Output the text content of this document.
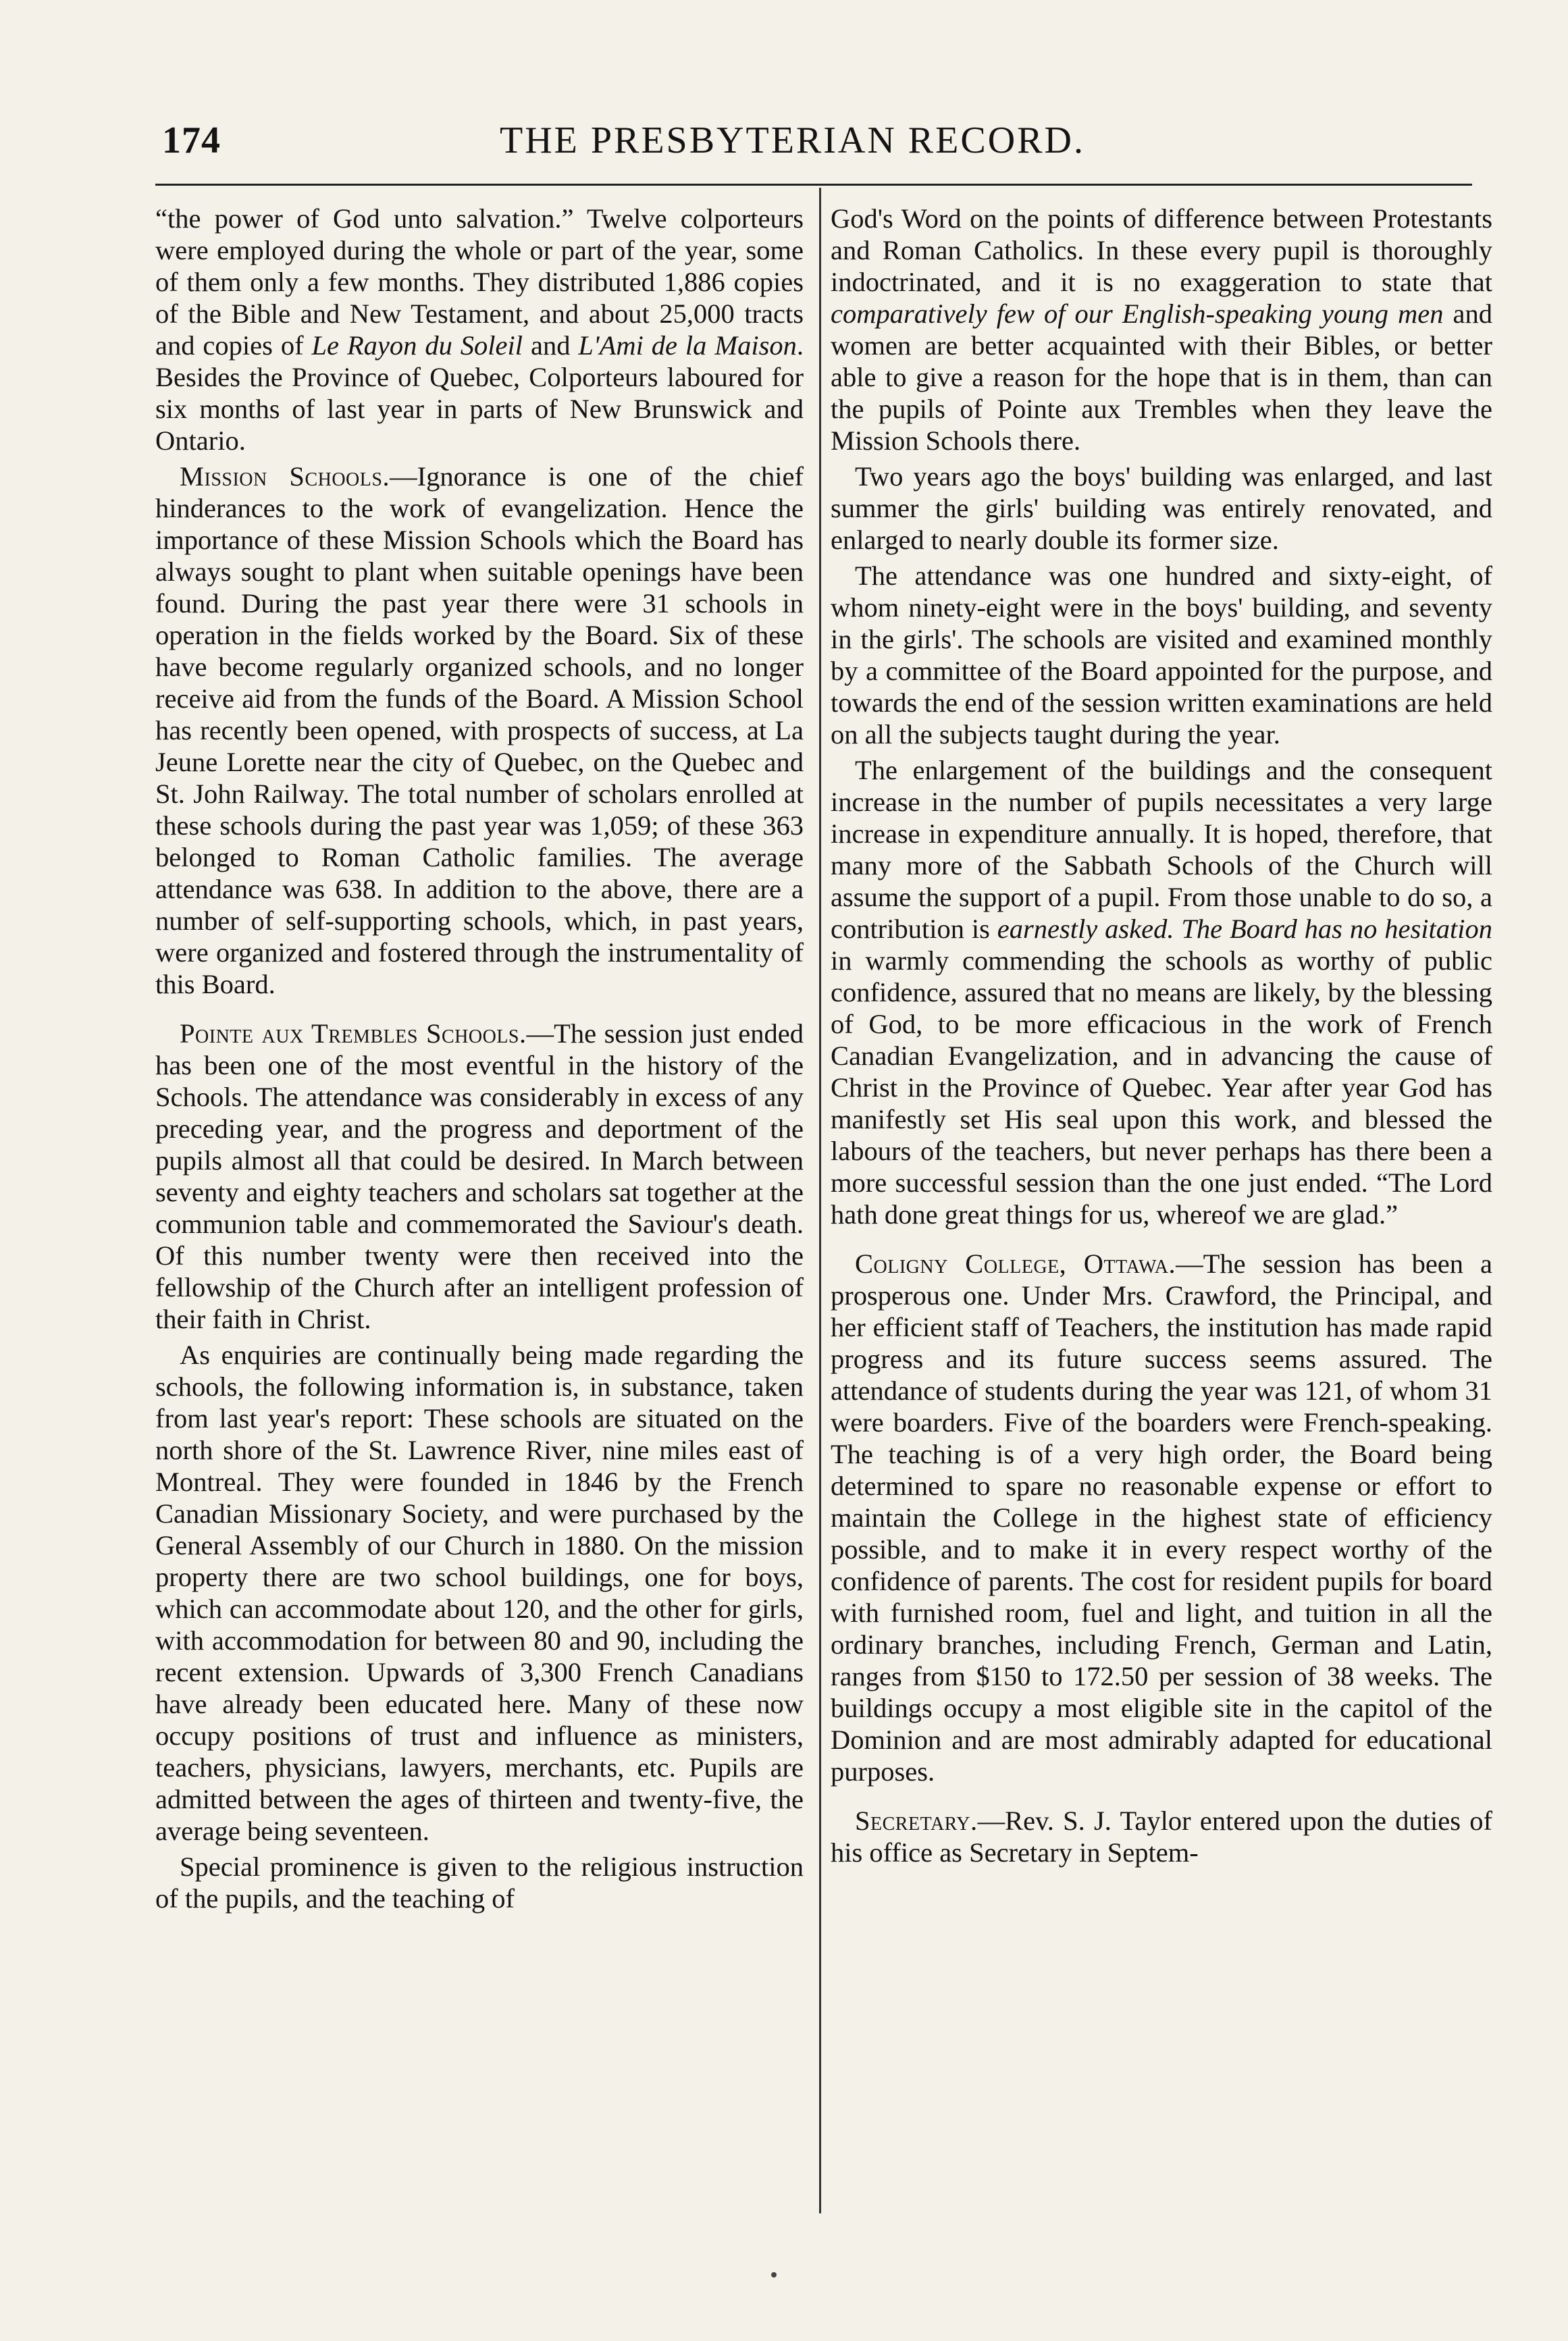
174	THE PRESBYTERIAN RECORD.

“the power of God unto salvation.” Twelve colporteurs were employed during the whole or part of the year, some of them only a few months. They distributed 1,886 copies of the Bible and New Testament, and about 25,000 tracts and copies of Le Rayon du Soleil and L'Ami de la Maison. Besides the Province of Quebec, Colporteurs laboured for six months of last year in parts of New Brunswick and Ontario.

Mission Schools.—Ignorance is one of the chief hinderances to the work of evangelization. Hence the importance of these Mission Schools which the Board has always sought to plant when suitable openings have been found. During the past year there were 31 schools in operation in the fields worked by the Board. Six of these have become regularly organized schools, and no longer receive aid from the funds of the Board. A Mission School has recently been opened, with prospects of success, at La Jeune Lorette near the city of Quebec, on the Quebec and St. John Railway. The total number of scholars enrolled at these schools during the past year was 1,059; of these 363 belonged to Roman Catholic families. The average attendance was 638. In addition to the above, there are a number of self-supporting schools, which, in past years, were organized and fostered through the instrumentality of this Board.

Pointe aux Trembles Schools.—The session just ended has been one of the most eventful in the history of the Schools. The attendance was considerably in excess of any preceding year, and the progress and deportment of the pupils almost all that could be desired. In March between seventy and eighty teachers and scholars sat together at the communion table and commemorated the Saviour's death. Of this number twenty were then received into the fellowship of the Church after an intelligent profession of their faith in Christ.

As enquiries are continually being made regarding the schools, the following information is, in substance, taken from last year's report: These schools are situated on the north shore of the St. Lawrence River, nine miles east of Montreal. They were founded in 1846 by the French Canadian Missionary Society, and were purchased by the General Assembly of our Church in 1880. On the mission property there are two school buildings, one for boys, which can accommodate about 120, and the other for girls, with accommodation for between 80 and 90, including the recent extension. Upwards of 3,300 French Canadians have already been educated here. Many of these now occupy positions of trust and influence as ministers, teachers, physicians, lawyers, merchants, etc. Pupils are admitted between the ages of thirteen and twenty-five, the average being seventeen.

Special prominence is given to the religious instruction of the pupils, and the teaching of

God's Word on the points of difference between Protestants and Roman Catholics. In these every pupil is thoroughly indoctrinated, and it is no exaggeration to state that comparatively few of our English-speaking young men and women are better acquainted with their Bibles, or better able to give a reason for the hope that is in them, than can the pupils of Pointe aux Trembles when they leave the Mission Schools there.

Two years ago the boys' building was enlarged, and last summer the girls' building was entirely renovated, and enlarged to nearly double its former size.

The attendance was one hundred and sixty-eight, of whom ninety-eight were in the boys' building, and seventy in the girls'. The schools are visited and examined monthly by a committee of the Board appointed for the purpose, and towards the end of the session written examinations are held on all the subjects taught during the year.

The enlargement of the buildings and the consequent increase in the number of pupils necessitates a very large increase in expenditure annually. It is hoped, therefore, that many more of the Sabbath Schools of the Church will assume the support of a pupil. From those unable to do so, a contribution is earnestly asked. The Board has no hesitation in warmly commending the schools as worthy of public confidence, assured that no means are likely, by the blessing of God, to be more efficacious in the work of French Canadian Evangelization, and in advancing the cause of Christ in the Province of Quebec. Year after year God has manifestly set His seal upon this work, and blessed the labours of the teachers, but never perhaps has there been a more successful session than the one just ended. “The Lord hath done great things for us, whereof we are glad.”

Coligny College, Ottawa.—The session has been a prosperous one. Under Mrs. Crawford, the Principal, and her efficient staff of Teachers, the institution has made rapid progress and its future success seems assured. The attendance of students during the year was 121, of whom 31 were boarders. Five of the boarders were French-speaking. The teaching is of a very high order, the Board being determined to spare no reasonable expense or effort to maintain the College in the highest state of efficiency possible, and to make it in every respect worthy of the confidence of parents. The cost for resident pupils for board with furnished room, fuel and light, and tuition in all the ordinary branches, including French, German and Latin, ranges from $150 to 172.50 per session of 38 weeks. The buildings occupy a most eligible site in the capitol of the Dominion and are most admirably adapted for educational purposes.

Secretary.—Rev. S. J. Taylor entered upon the duties of his office as Secretary in Septem-
